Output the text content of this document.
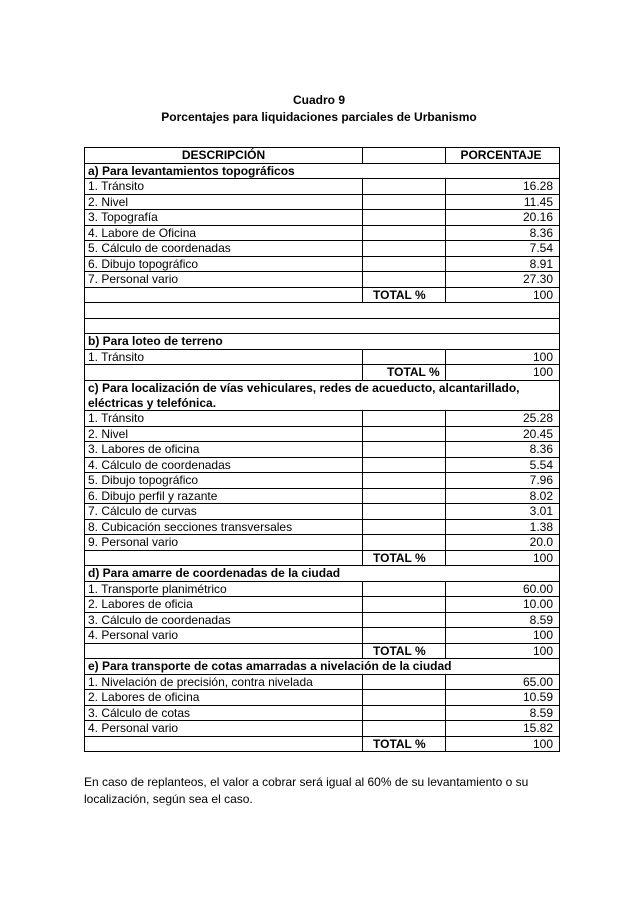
Cuadro 9
Porcentajes para liquidaciones parciales de Urbanismo
DESCRIPCIÓN		PORCENTAJE
a) Para levantamientos topográficos		
1. Tránsito		16.28
2. Nivel		11.45
3. Topografía		20.16
4. Labore de Oficina		8.36
5. Cálculo de coordenadas		7.54
6. Dibujo topográfico		8.91
7. Personal vario		27.30
	TOTAL %	100

b) Para loteo de terreno		
1. Tránsito		100
	TOTAL %	100
c) Para localización de vías vehiculares, redes de acueducto, alcantarillado, eléctricas y telefónica.		
1. Tránsito		25.28
2. Nivel		20.45
3. Labores de oficina		8.36
4. Cálculo de coordenadas		5.54
5. Dibujo topográfico		7.96
6. Dibujo perfil y razante		8.02
7. Cálculo de curvas		3.01
8. Cubicación secciones transversales		1.38
9. Personal vario		20.0
	TOTAL %	100
d) Para amarre de coordenadas de la ciudad		
1. Transporte planimétrico		60.00
2. Labores de oficia		10.00
3. Cálculo de coordenadas		8.59
4. Personal vario		100
	TOTAL %	100
e) Para transporte de cotas amarradas a nivelación de la ciudad		
1. Nivelación de precisión, contra nivelada		65.00
2. Labores de oficina		10.59
3. Cálculo de cotas		8.59
4. Personal vario		15.82
	TOTAL %	100
En caso de replanteos, el valor a cobrar será igual al 60% de su levantamiento o su localización, según sea el caso.
